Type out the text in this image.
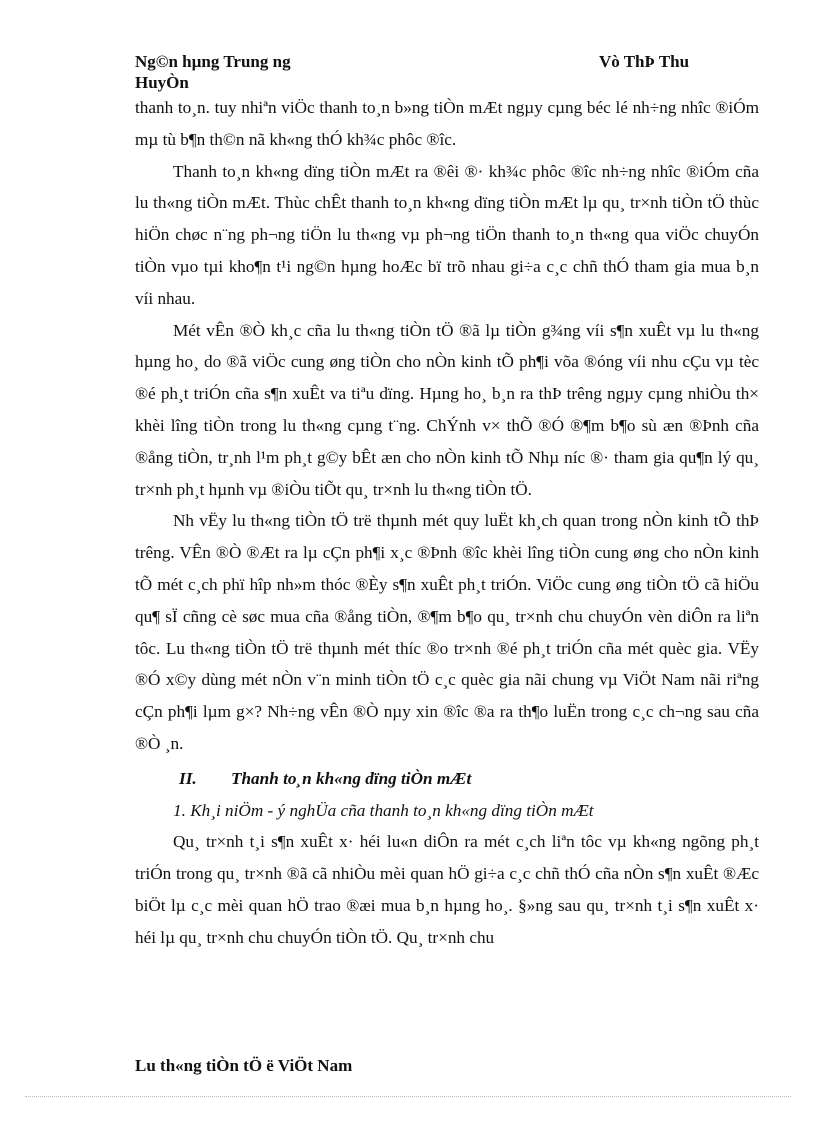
Ng©n hµng Trung ng
HuyÒn
Vò ThÞ Thu

thanh to¸n. tuy nhiªn viÖc thanh to¸n b»ng tiÒn mÆt ngµy cµng béc lé nh÷ng nhîc ®iÓm mµ tù b¶n th©n nã kh«ng thÓ kh¾c phôc ®îc.

Thanh to¸n kh«ng dïng tiÒn mÆt ra ®êi ®· kh¾c phôc ®îc nh÷ng nhîc ®iÓm cña lu th«ng tiÒn mÆt. Thùc chÊt thanh to¸n kh«ng dïng tiÒn mÆt lµ qu¸ tr×nh tiÒn tÖ thùc hiÖn chøc n¨ng ph¬ng tiÖn lu th«ng vµ ph¬ng tiÖn thanh to¸n th«ng qua viÖc chuyÓn tiÒn vµo tµi kho¶n t¹i ng©n hµng hoÆc bï trõ nhau gi÷a c¸c chñ thÓ tham gia mua b¸n víi nhau.

Mét vÊn ®Ò kh¸c cña lu th«ng tiÒn tÖ ®ã lµ tiÒn g¾ng víi s¶n xuÊt vµ lu th«ng hµng ho¸ do ®ã viÖc cung øng tiÒn cho nÒn kinh tÕ ph¶i võa ®óng víi nhu cÇu vµ tèc ®é ph¸t triÓn cña s¶n xuÊt va tiªu dïng. Hµng ho¸ b¸n ra thÞ trêng ngµy cµng nhiÒu th× khèi lîng tiÒn trong lu th«ng cµng t¨ng. ChÝnh v× thÕ ®Ó ®¶m b¶o sù æn ®Þnh cña ®ång tiÒn, tr¸nh l¹m ph¸t g©y bÊt æn cho nÒn kinh tÕ Nhµ níc ®· tham gia qu¶n lý qu¸ tr×nh ph¸t hµnh vµ ®iÒu tiÕt qu¸ tr×nh lu th«ng tiÒn tÖ.

Nh vËy lu th«ng tiÒn tÖ trë thµnh mét quy luËt kh¸ch quan trong nÒn kinh tÕ thÞ trêng. VÊn ®Ò ®Æt ra lµ cÇn ph¶i x¸c ®Þnh ®îc khèi lîng tiÒn cung øng cho nÒn kinh tÕ mét c¸ch phï hîp nh»m thóc ®Èy s¶n xuÊt ph¸t triÓn. ViÖc cung øng tiÒn tÖ cã hiÖu qu¶ sÏ cñng cè søc mua cña ®ång tiÒn, ®¶m b¶o qu¸ tr×nh chu chuyÓn vèn diÔn ra liªn tôc. Lu th«ng tiÒn tÖ trë thµnh mét thíc ®o tr×nh ®é ph¸t triÓn cña mét quèc gia. VËy ®Ó x©y dùng mét nÒn v¨n minh tiÒn tÖ c¸c quèc gia nãi chung vµ ViÖt Nam nãi riªng cÇn ph¶i lµm g×? Nh÷ng vÊn ®Ò nµy xin ®îc ®a ra th¶o luËn trong c¸c ch¬ng sau cña ®Ò ¸n.

II. Thanh to¸n kh«ng dïng tiÒn mÆt

1. Kh¸i niÖm - ý nghÜa cña thanh to¸n kh«ng dïng tiÒn mÆt

Qu¸ tr×nh t¸i s¶n xuÊt x· héi lu«n diÔn ra mét c¸ch liªn tôc vµ kh«ng ngõng ph¸t triÓn trong qu¸ tr×nh ®ã cã nhiÒu mèi quan hÖ gi÷a c¸c chñ thÓ cña nÒn s¶n xuÊt ®Æc biÖt lµ c¸c mèi quan hÖ trao ®æi mua b¸n hµng ho¸. §»ng sau qu¸ tr×nh t¸i s¶n xuÊt x· héi lµ qu¸ tr×nh chu chuyÓn tiÒn tÖ. Qu¸ tr×nh chu

Lu th«ng tiÒn tÖ ë ViÖt Nam
